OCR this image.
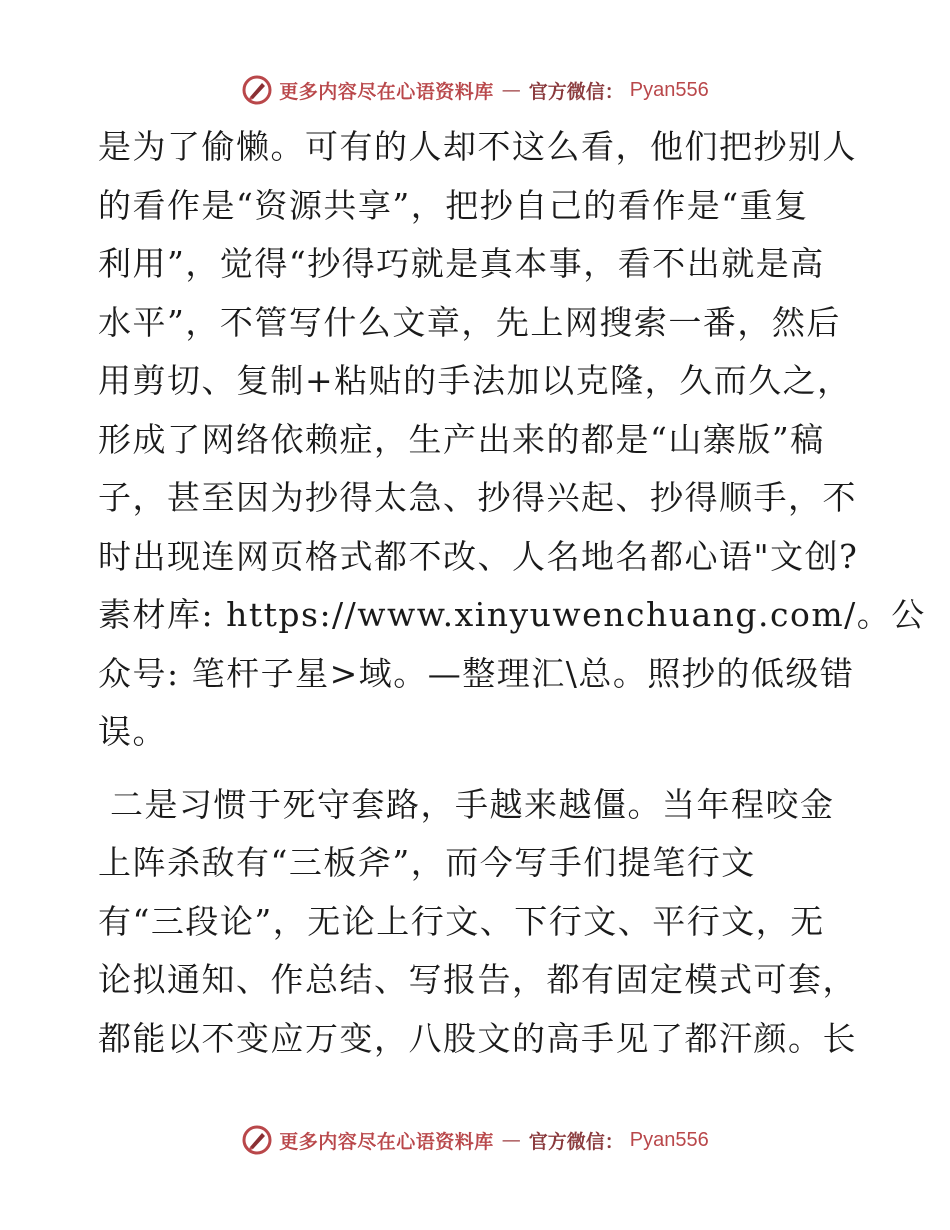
更多内容尽在心语资料库 — 官方微信： Pyan556

是为了偷懒。可有的人却不这么看，他们把抄别人
的看作是“资源共享”，把抄自己的看作是“重复
利用”，觉得“抄得巧就是真本事，看不出就是高
水平”，不管写什么文章，先上网搜索一番，然后
用剪切、复制+粘贴的手法加以克隆，久而久之，
形成了网络依赖症，生产出来的都是“山寨版”稿
子，甚至因为抄得太急、抄得兴起、抄得顺手，不
时出现连网页格式都不改、人名地名都心语"文创?
素材库: https://www.xinyuwenchuang.com/。公
众号: 笔杆子星>域。—整理汇\总。照抄的低级错
误。

二是习惯于死守套路，手越来越僵。当年程咬金
上阵杀敌有“三板斧”，而今写手们提笔行文
有“三段论”，无论上行文、下行文、平行文，无
论拟通知、作总结、写报告，都有固定模式可套，
都能以不变应万变，八股文的高手见了都汗颜。长

更多内容尽在心语资料库 — 官方微信： Pyan556
